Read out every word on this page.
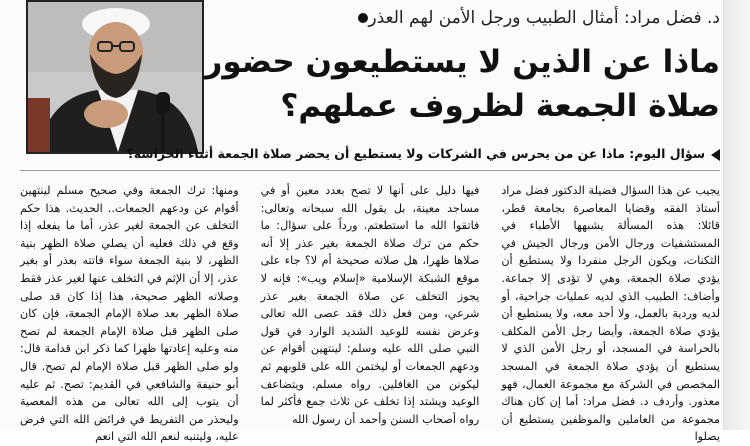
د. فضل مراد: أمثال الطبيب ورجل الأمن لهم العذر
ماذا عن الذين لا يستطيعون حضور
صلاة الجمعة لظروف عملهم؟
سؤال اليوم: ماذا عن من يحرس في الشركات ولا يستطيع أن يحضر صلاة الجمعة أثناء الحراسة؟

يجيب عن هذا السؤال فضيلة الدكتور فضل مراد أستاذ الفقه وقضايا المعاصرة بجامعة قطر، قائلا: هذه المسألة يشبهها الأطباء في المستشفيات ورجال الأمن ورجال الجيش في الثكنات، ويكون الرجل منفردا ولا يستطيع أن يؤدي صلاة الجمعة، وهي لا تؤدى إلا جماعة. وأضاف: الطبيب الذي لديه عمليات جراحية، أو لديه وردية بالعمل، ولا أحد معه، ولا يستطيع أن يؤدي صلاة الجمعة، وأيضا رجل الأمن المكلف بالحراسة في المسجد، أو رجل الأمن الذي لا يستطيع أن يؤدي صلاة الجمعة في المسجد المخصص في الشركة مع مجموعة العمال، فهو معذور. وأردف د. فضل مراد: أما إن كان هناك مجموعة من العاملين والموظفين يستطيع أن يصلوا

فيها دليل على أنها لا تصح بعدد معين أو في مساجد معينة، بل يقول الله سبحانه وتعالى: فاتقوا الله ما استطعتم. ورداً على سؤال: ما حكم من ترك صلاة الجمعة بغير عذر إلا أنه صلاها ظهرا، هل صلاته صحيحة أم لا؟ جاء على موقع الشبكة الإسلامية «إسلام ويب»: فإنه لا يجوز التخلف عن صلاة الجمعة بغير عذر شرعي، ومن فعل ذلك فقد عصى الله تعالى وعرض نفسه للوعيد الشديد الوارد في قول النبي صلى الله عليه وسلم: لينتهين أقوام عن ودعهم الجمعات أو ليختمن الله على قلوبهم ثم ليكونن من الغافلين. رواه مسلم. ويتضاعف الوعيد ويشتد إذا تخلف عن ثلاث جمع فأكثر لما رواه أصحاب السنن وأحمد أن رسول الله

ومنها: ترك الجمعة وفي صحيح مسلم لينتهين أقوام عن ودعهم الجمعات.. الحديث. هذا حكم التخلف عن الجمعة لغير عذر، أما ما يفعله إذا وقع في ذلك فعليه أن يصلي صلاة الظهر بنية الظهر، لا بنية الجمعة سواء فاتته بعذر أو بغير عذر، إلا أن الإثم في التخلف عنها لغير عذر فقط وصلاته الظهر صحيحة، هذا إذا كان قد صلى صلاة الظهر بعد صلاة الإمام الجمعة، فإن كان صلى الظهر قبل صلاة الإمام الجمعة لم تصح منه وعليه إعادتها ظهرا كما ذكر ابن قدامة قال: ولو صلى الظهر قبل صلاة الإمام لم تصح. قال أبو حنيفة والشافعي في القديم: تصح. ثم عليه أن يتوب إلى الله تعالى من هذه المعصية وليحذر من التفريط في فرائض الله التي فرض عليه، وليتنبه لنعم الله التي انعم
